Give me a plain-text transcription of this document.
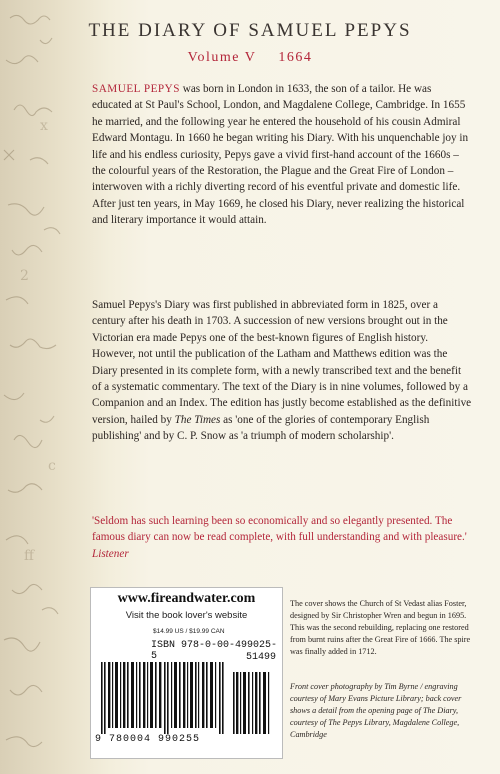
x
2
c
ff
THE DIARY OF SAMUEL PEPYS
Volume V 1664
SAMUEL PEPYS was born in London in 1633, the son of a tailor. He was educated at St Paul's School, London, and Magdalene College, Cambridge. In 1655 he married, and the following year he entered the household of his cousin Admiral Edward Montagu. In 1660 he began writing his Diary. With his unquenchable joy in life and his endless curiosity, Pepys gave a vivid first-hand account of the 1660s – the colourful years of the Restoration, the Plague and the Great Fire of London – interwoven with a richly diverting record of his eventful private and domestic life. After just ten years, in May 1669, he closed his Diary, never realizing the historical and literary importance it would attain.
Samuel Pepys's Diary was first published in abbreviated form in 1825, over a century after his death in 1703. A succession of new versions brought out in the Victorian era made Pepys one of the best-known figures of English history. However, not until the publication of the Latham and Matthews edition was the Diary presented in its complete form, with a newly transcribed text and the benefit of a systematic commentary. The text of the Diary is in nine volumes, followed by a Companion and an Index. The edition has justly become established as the definitive version, hailed by The Times as 'one of the glories of contemporary English publishing' and by C. P. Snow as 'a triumph of modern scholarship'.
'Seldom has such learning been so economically and so elegantly presented. The famous diary can now be read complete, with full understanding and with pleasure.' Listener
www.fireandwater.com
Visit the book lover's website
$14.99 US / $19.99 CAN
ISBN 978-0-00-499025-5	51499
9 780004 990255
The cover shows the Church of St Vedast alias Foster, designed by Sir Christopher Wren and begun in 1695. This was the second rebuilding, replacing one restored from burnt ruins after the Great Fire of 1666. The spire was finally added in 1712.
Front cover photography by Tim Byrne / engraving courtesy of Mary Evans Picture Library; back cover shows a detail from the opening page of The Diary, courtesy of The Pepys Library, Magdalene College, Cambridge
